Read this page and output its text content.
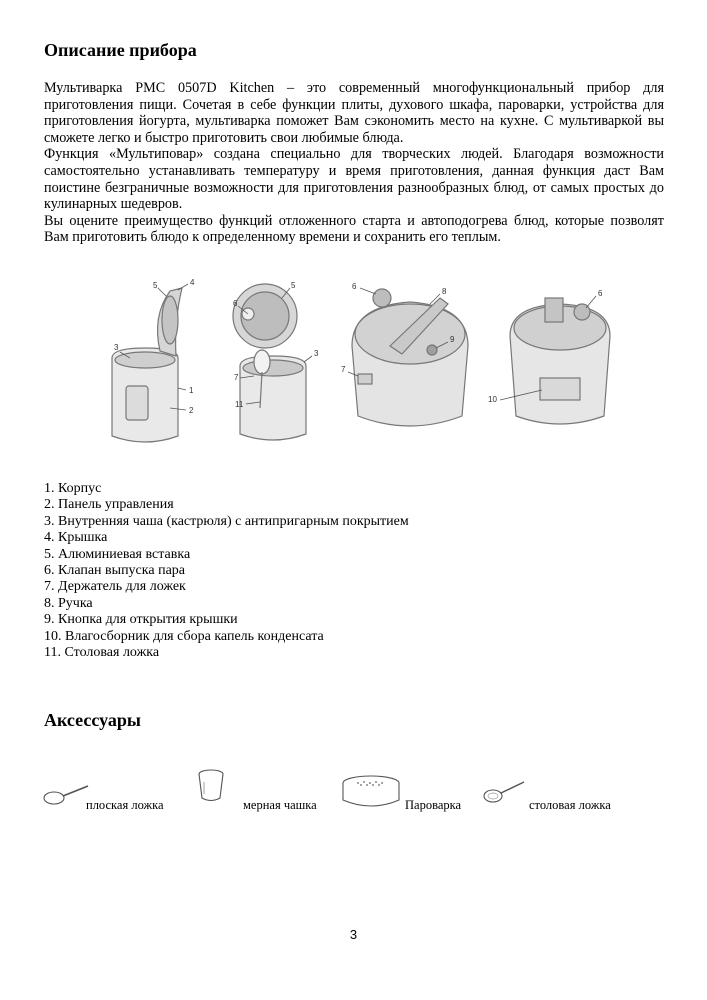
Описание прибора

Мультиварка PMC 0507D Kitchen – это современный многофункциональный прибор для приготовления пищи. Сочетая в себе функции плиты, духового шкафа, пароварки, устройства для приготовления йогурта, мультиварка поможет Вам сэкономить место на кухне. С мультиваркой вы сможете легко и быстро приготовить свои любимые блюда.

Функция «Мультиповар» создана специально для творческих людей. Благодаря возможности самостоятельно устанавливать температуру и время приготовления, данная функция даст Вам поистине безграничные возможности для приготовления разнообразных блюд, от самых простых до кулинарных шедевров.

Вы оцените преимущество функций отложенного старта и автоподогрева блюд, которые позволят Вам приготовить блюдо к определенному времени и сохранить его теплым.

1
2
3
4
5
6
5
3
7
11
6
8
9
7
6
10
1. Корпус
2. Панель управления
3. Внутренняя чаша (кастрюля) с антипригарным покрытием
4. Крышка
5. Алюминиевая вставка
6. Клапан выпуска пара
7. Держатель для ложек
8. Ручка
9. Кнопка для открытия крышки
10. Влагосборник для сбора капель конденсата
11. Столовая ложка
Аксессуары
плоская ложка	мерная чашка	Пароварка	столовая ложка
3
